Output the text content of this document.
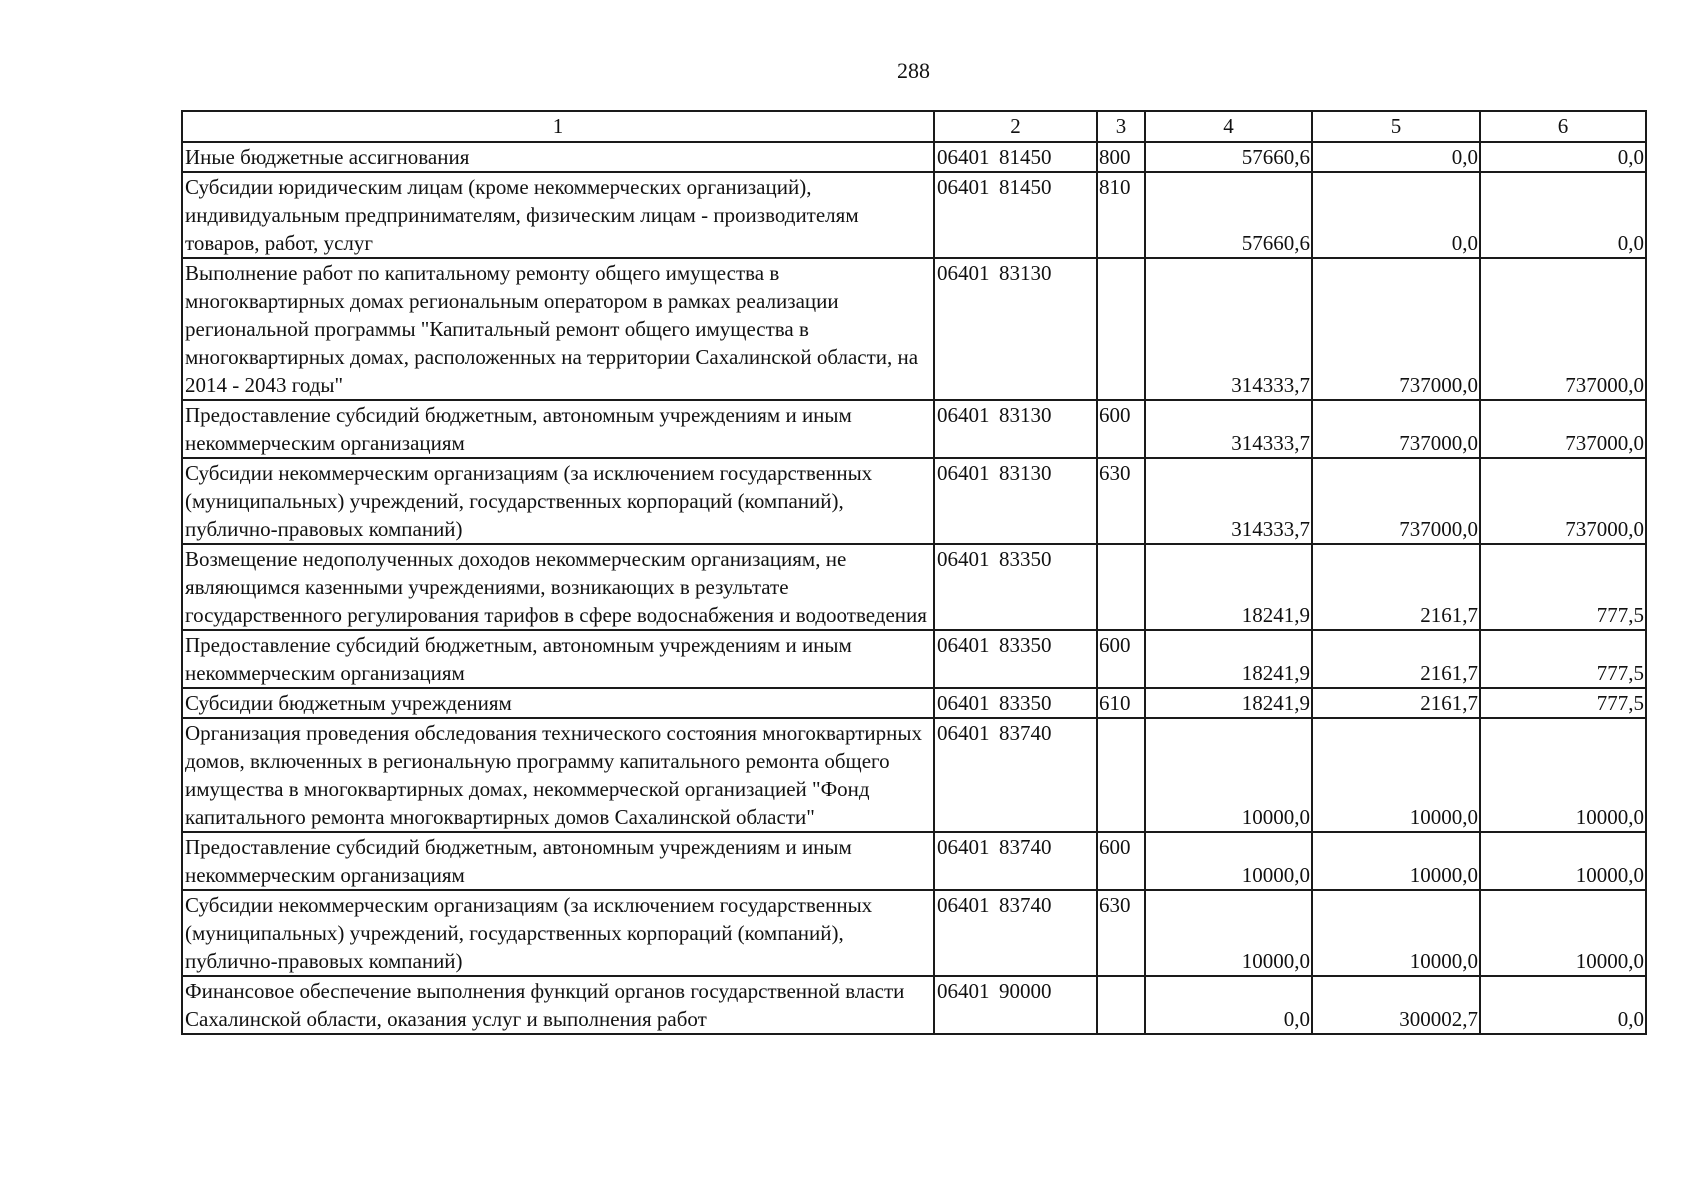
288
1	2	3	4	5	6
Иные бюджетные ассигнования	06401 81450	800	57660,6	0,0	0,0
Субсидии юридическим лицам (кроме некоммерческих организаций), индивидуальным предпринимателям, физическим лицам - производителям товаров, работ, услуг	06401 81450	810	57660,6	0,0	0,0
Выполнение работ по капитальному ремонту общего имущества в многоквартирных домах региональным оператором в рамках реализации региональной программы "Капитальный ремонт общего имущества в многоквартирных домах, расположенных на территории Сахалинской области, на 2014 - 2043 годы"	06401 83130		314333,7	737000,0	737000,0
Предоставление субсидий бюджетным, автономным учреждениям и иным некоммерческим организациям	06401 83130	600	314333,7	737000,0	737000,0
Субсидии некоммерческим организациям (за исключением государственных (муниципальных) учреждений, государственных корпораций (компаний), публично-правовых компаний)	06401 83130	630	314333,7	737000,0	737000,0
Возмещение недополученных доходов некоммерческим организациям, не являющимся казенными учреждениями, возникающих в результате государственного регулирования тарифов в сфере водоснабжения и водоотведения	06401 83350		18241,9	2161,7	777,5
Предоставление субсидий бюджетным, автономным учреждениям и иным некоммерческим организациям	06401 83350	600	18241,9	2161,7	777,5
Субсидии бюджетным учреждениям	06401 83350	610	18241,9	2161,7	777,5
Организация проведения обследования технического состояния многоквартирных домов, включенных в региональную программу капитального ремонта общего имущества в многоквартирных домах, некоммерческой организацией "Фонд капитального ремонта многоквартирных домов Сахалинской области"	06401 83740		10000,0	10000,0	10000,0
Предоставление субсидий бюджетным, автономным учреждениям и иным некоммерческим организациям	06401 83740	600	10000,0	10000,0	10000,0
Субсидии некоммерческим организациям (за исключением государственных (муниципальных) учреждений, государственных корпораций (компаний), публично-правовых компаний)	06401 83740	630	10000,0	10000,0	10000,0
Финансовое обеспечение выполнения функций органов государственной власти Сахалинской области, оказания услуг и выполнения работ	06401 90000		0,0	300002,7	0,0
